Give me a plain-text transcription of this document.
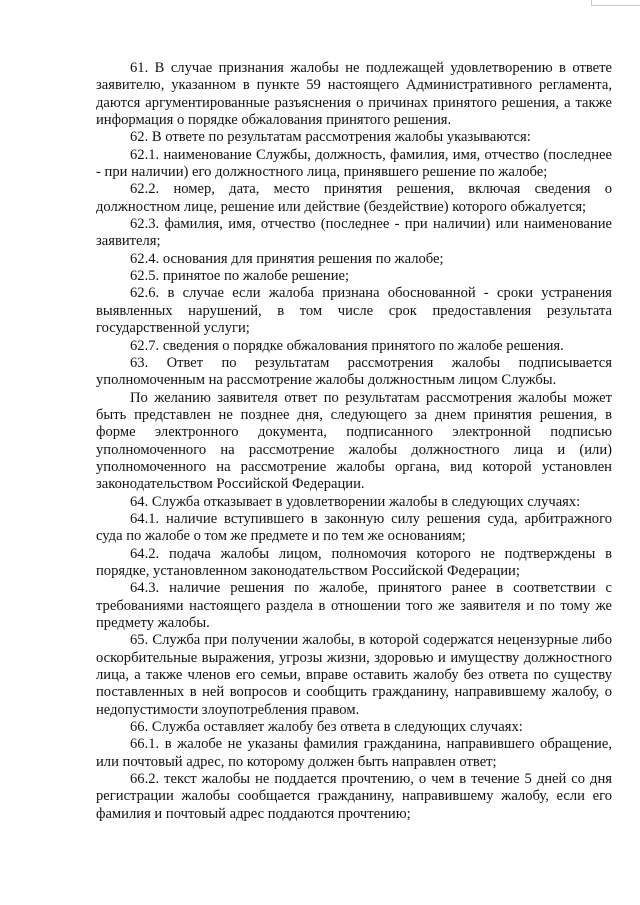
61. В случае признания жалобы не подлежащей удовлетворению в ответе заявителю, указанном в пункте 59 настоящего Административного регламента, даются аргументированные разъяснения о причинах принятого решения, а также информация о порядке обжалования принятого решения.

62. В ответе по результатам рассмотрения жалобы указываются:

62.1. наименование Службы, должность, фамилия, имя, отчество (последнее - при наличии) его должностного лица, принявшего решение по жалобе;

62.2. номер, дата, место принятия решения, включая сведения о должностном лице, решение или действие (бездействие) которого обжалуется;

62.3. фамилия, имя, отчество (последнее - при наличии) или наименование заявителя;

62.4. основания для принятия решения по жалобе;

62.5. принятое по жалобе решение;

62.6. в случае если жалоба признана обоснованной - сроки устранения выявленных нарушений, в том числе срок предоставления результата государственной услуги;

62.7. сведения о порядке обжалования принятого по жалобе решения.

63. Ответ по результатам рассмотрения жалобы подписывается уполномоченным на рассмотрение жалобы должностным лицом Службы.

По желанию заявителя ответ по результатам рассмотрения жалобы может быть представлен не позднее дня, следующего за днем принятия решения, в форме электронного документа, подписанного электронной подписью уполномоченного на рассмотрение жалобы должностного лица и (или) уполномоченного на рассмотрение жалобы органа, вид которой установлен законодательством Российской Федерации.

64. Служба отказывает в удовлетворении жалобы в следующих случаях:

64.1. наличие вступившего в законную силу решения суда, арбитражного суда по жалобе о том же предмете и по тем же основаниям;

64.2. подача жалобы лицом, полномочия которого не подтверждены в порядке, установленном законодательством Российской Федерации;

64.3. наличие решения по жалобе, принятого ранее в соответствии с требованиями настоящего раздела в отношении того же заявителя и по тому же предмету жалобы.

65. Служба при получении жалобы, в которой содержатся нецензурные либо оскорбительные выражения, угрозы жизни, здоровью и имуществу должностного лица, а также членов его семьи, вправе оставить жалобу без ответа по существу поставленных в ней вопросов и сообщить гражданину, направившему жалобу, о недопустимости злоупотребления правом.

66. Служба оставляет жалобу без ответа в следующих случаях:

66.1. в жалобе не указаны фамилия гражданина, направившего обращение, или почтовый адрес, по которому должен быть направлен ответ;

66.2. текст жалобы не поддается прочтению, о чем в течение 5 дней со дня регистрации жалобы сообщается гражданину, направившему жалобу, если его фамилия и почтовый адрес поддаются прочтению;
